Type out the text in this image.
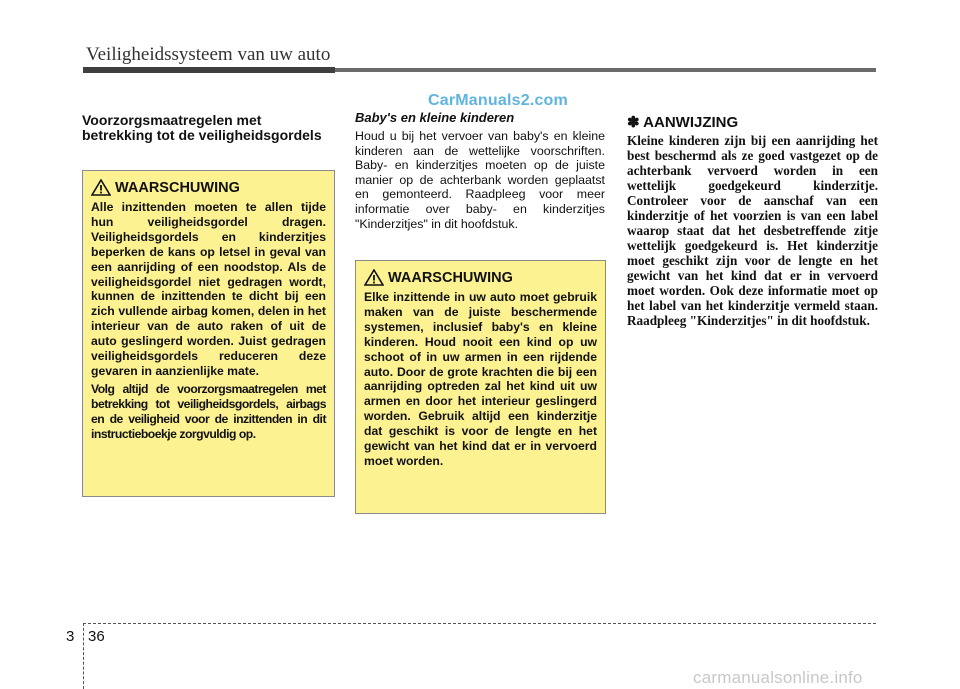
Veiligheidssysteem van uw auto
CarManuals2.com

Voorzorgsmaatregelen met betrekking tot de veiligheidsgordels

WAARSCHUWING

Alle inzittenden moeten te allen tijde hun veiligheidsgordel dragen. Veiligheidsgordels en kinderzitjes beperken de kans op letsel in geval van een aanrijding of een noodstop. Als de veiligheidsgordel niet gedragen wordt, kunnen de inzittenden te dicht bij een zich vullende airbag komen, delen in het interieur van de auto raken of uit de auto geslingerd worden. Juist gedragen veiligheidsgordels reduceren deze gevaren in aanzienlijke mate.

Volg altijd de voorzorgsmaatregelen met betrekking tot veiligheidsgordels, airbags en de veiligheid voor de inzittenden in dit instructieboekje zorgvuldig op.

Baby's en kleine kinderen

Houd u bij het vervoer van baby's en kleine kinderen aan de wettelijke voorschriften. Baby- en kinderzitjes moeten op de juiste manier op de achterbank worden geplaatst en gemonteerd. Raadpleeg voor meer informatie over baby- en kinderzitjes "Kinderzitjes" in dit hoofdstuk.

WAARSCHUWING

Elke inzittende in uw auto moet gebruik maken van de juiste beschermende systemen, inclusief baby's en kleine kinderen. Houd nooit een kind op uw schoot of in uw armen in een rijdende auto. Door de grote krachten die bij een aanrijding optreden zal het kind uit uw armen en door het interieur geslingerd worden. Gebruik altijd een kinderzitje dat geschikt is voor de lengte en het gewicht van het kind dat er in vervoerd moet worden.

✽ AANWIJZING

Kleine kinderen zijn bij een aanrijding het best beschermd als ze goed vastgezet op de achterbank vervoerd worden in een wettelijk goedgekeurd kinderzitje. Controleer voor de aanschaf van een kinderzitje of het voorzien is van een label waarop staat dat het desbetreffende zitje wettelijk goedgekeurd is. Het kinderzitje moet geschikt zijn voor de lengte en het gewicht van het kind dat er in vervoerd moet worden. Ook deze informatie moet op het label van het kinderzitje vermeld staan. Raadpleeg "Kinderzitjes" in dit hoofdstuk.

3 36
carmanualsonline.info
